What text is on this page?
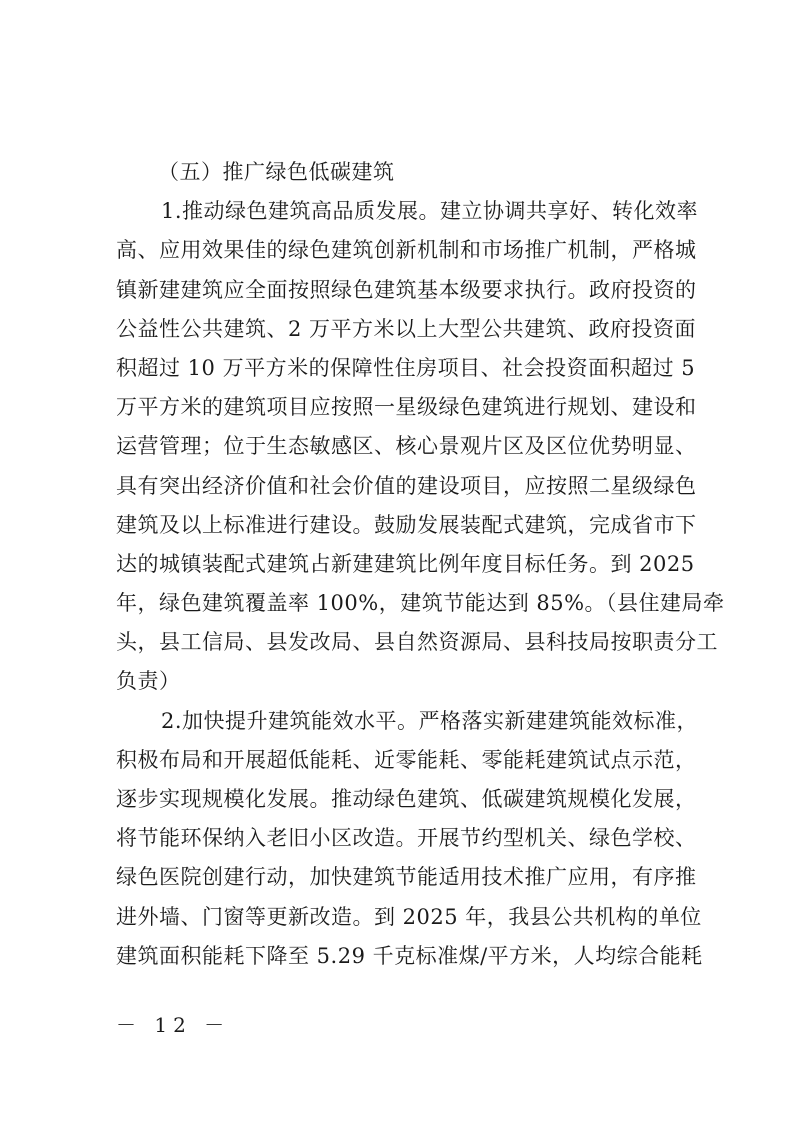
（五）推广绿色低碳建筑
1.推动绿色建筑高品质发展。建立协调共享好、转化效率
高、应用效果佳的绿色建筑创新机制和市场推广机制，严格城
镇新建建筑应全面按照绿色建筑基本级要求执行。政府投资的
公益性公共建筑、2 万平方米以上大型公共建筑、政府投资面
积超过 10 万平方米的保障性住房项目、社会投资面积超过 5
万平方米的建筑项目应按照一星级绿色建筑进行规划、建设和
运营管理；位于生态敏感区、核心景观片区及区位优势明显、
具有突出经济价值和社会价值的建设项目，应按照二星级绿色
建筑及以上标准进行建设。鼓励发展装配式建筑，完成省市下
达的城镇装配式建筑占新建建筑比例年度目标任务。到 2025
年，绿色建筑覆盖率 100%，建筑节能达到 85%。（县住建局牵
头，县工信局、县发改局、县自然资源局、县科技局按职责分工
负责）
2.加快提升建筑能效水平。严格落实新建建筑能效标准，
积极布局和开展超低能耗、近零能耗、零能耗建筑试点示范，
逐步实现规模化发展。推动绿色建筑、低碳建筑规模化发展，
将节能环保纳入老旧小区改造。开展节约型机关、绿色学校、
绿色医院创建行动，加快建筑节能适用技术推广应用，有序推
进外墙、门窗等更新改造。到 2025 年，我县公共机构的单位
建筑面积能耗下降至 5.29 千克标准煤/平方米，人均综合能耗
－ 12 －
